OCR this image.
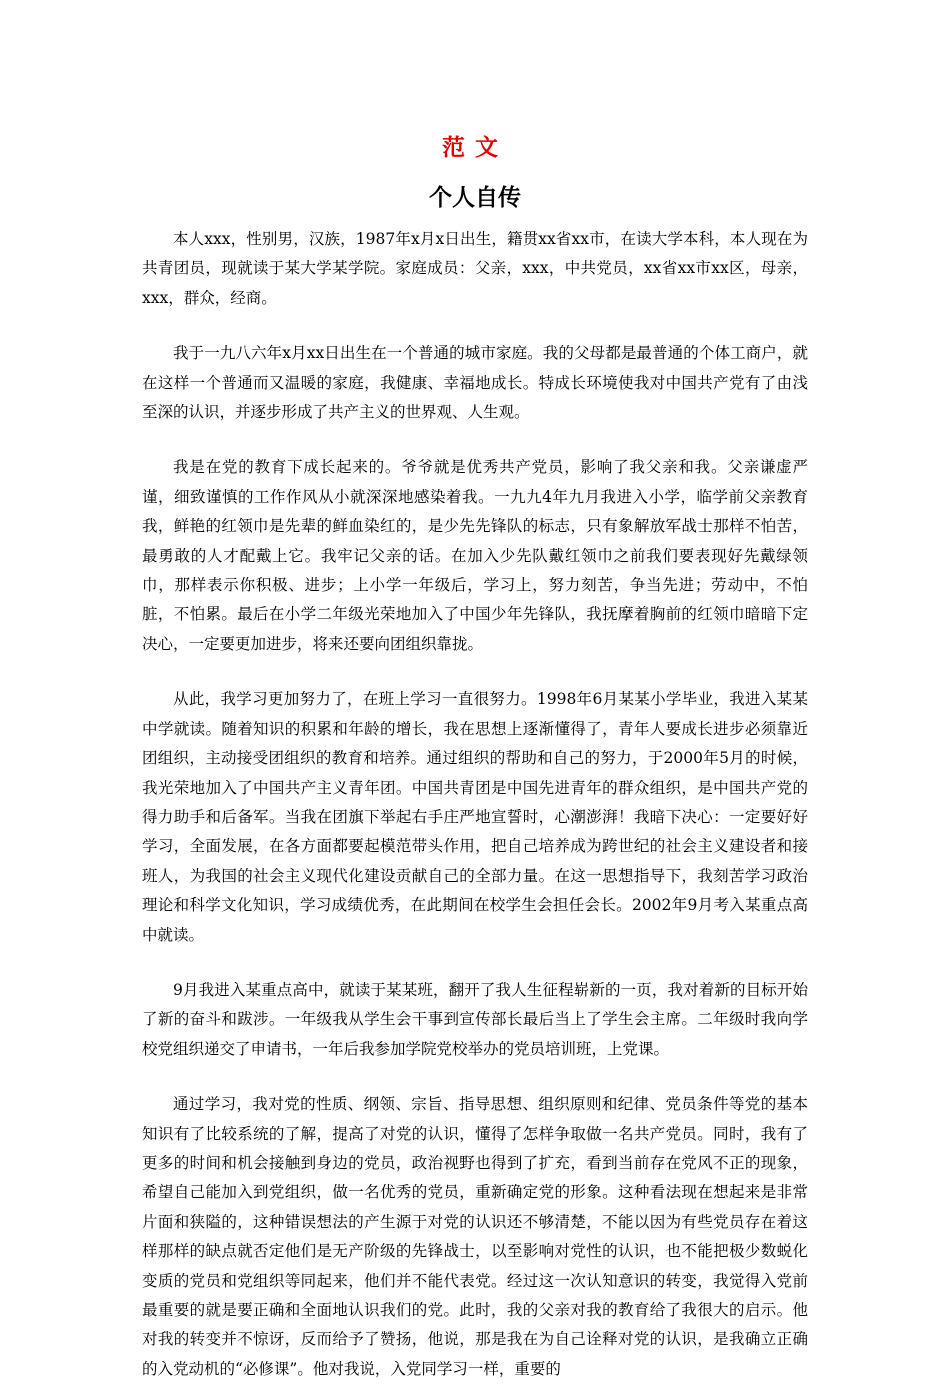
范文
个人自传

本人xxx，性别男，汉族，1987年x月x日出生，籍贯xx省xx市，在读大学本科，本人现在为共青团员，现就读于某大学某学院。家庭成员：父亲，xxx，中共党员，xx省xx市xx区，母亲，xxx，群众，经商。

我于一九八六年x月xx日出生在一个普通的城市家庭。我的父母都是最普通的个体工商户，就在这样一个普通而又温暖的家庭，我健康、幸福地成长。特成长环境使我对中国共产党有了由浅至深的认识，并逐步形成了共产主义的世界观、人生观。

我是在党的教育下成长起来的。爷爷就是优秀共产党员，影响了我父亲和我。父亲谦虚严谨，细致谨慎的工作作风从小就深深地感染着我。一九九4年九月我进入小学，临学前父亲教育我，鲜艳的红领巾是先辈的鲜血染红的，是少先先锋队的标志，只有象解放军战士那样不怕苦，最勇敢的人才配戴上它。我牢记父亲的话。在加入少先队戴红领巾之前我们要表现好先戴绿领巾，那样表示你积极、进步；上小学一年级后，学习上，努力刻苦，争当先进；劳动中，不怕脏，不怕累。最后在小学二年级光荣地加入了中国少年先锋队，我抚摩着胸前的红领巾暗暗下定决心，一定要更加进步，将来还要向团组织靠拢。

从此，我学习更加努力了，在班上学习一直很努力。1998年6月某某小学毕业，我进入某某中学就读。随着知识的积累和年龄的增长，我在思想上逐渐懂得了，青年人要成长进步必须靠近团组织，主动接受团组织的教育和培养。通过组织的帮助和自己的努力，于2000年5月的时候，我光荣地加入了中国共产主义青年团。中国共青团是中国先进青年的群众组织，是中国共产党的得力助手和后备军。当我在团旗下举起右手庄严地宣誓时，心潮澎湃！我暗下决心：一定要好好学习，全面发展，在各方面都要起模范带头作用，把自己培养成为跨世纪的社会主义建设者和接班人，为我国的社会主义现代化建设贡献自己的全部力量。在这一思想指导下，我刻苦学习政治理论和科学文化知识，学习成绩优秀，在此期间在校学生会担任会长。2002年9月考入某重点高中就读。

9月我进入某重点高中，就读于某某班，翻开了我人生征程崭新的一页，我对着新的目标开始了新的奋斗和跋涉。一年级我从学生会干事到宣传部长最后当上了学生会主席。二年级时我向学校党组织递交了申请书，一年后我参加学院党校举办的党员培训班，上党课。

通过学习，我对党的性质、纲领、宗旨、指导思想、组织原则和纪律、党员条件等党的基本知识有了比较系统的了解，提高了对党的认识，懂得了怎样争取做一名共产党员。同时，我有了更多的时间和机会接触到身边的党员，政治视野也得到了扩充，看到当前存在党风不正的现象，希望自己能加入到党组织，做一名优秀的党员，重新确定党的形象。这种看法现在想起来是非常片面和狭隘的，这种错误想法的产生源于对党的认识还不够清楚，不能以因为有些党员存在着这样那样的缺点就否定他们是无产阶级的先锋战士，以至影响对党性的认识，也不能把极少数蜕化变质的党员和党组织等同起来，他们并不能代表党。经过这一次认知意识的转变，我觉得入党前最重要的就是要正确和全面地认识我们的党。此时，我的父亲对我的教育给了我很大的启示。他对我的转变并不惊讶，反而给予了赞扬，他说，那是我在为自己诠释对党的认识，是我确立正确的入党动机的“必修课”。他对我说，入党同学习一样，重要的
